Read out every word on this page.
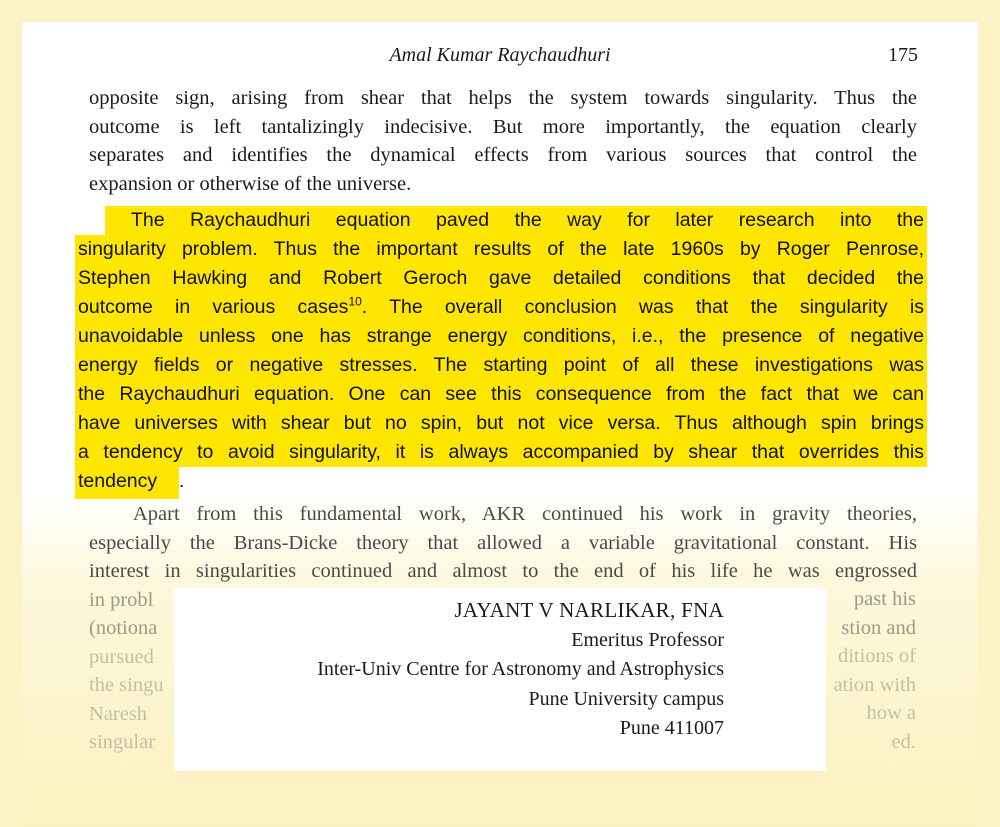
Amal Kumar Raychaudhuri	175
opposite sign, arising from shear that helps the system towards singularity. Thus the
outcome is left tantalizingly indecisive. But more importantly, the equation clearly
separates and identifies the dynamical effects from various sources that control the
expansion or otherwise of the universe.
The Raychaudhuri equation paved the way for later research into the
singularity problem. Thus the important results of the late 1960s by Roger Penrose,
Stephen Hawking and Robert Geroch gave detailed conditions that decided the
outcome in various cases$^{10}$. The overall conclusion was that the singularity is
unavoidable unless one has strange energy conditions, i.e., the presence of negative
energy fields or negative stresses. The starting point of all these investigations was
the Raychaudhuri equation. One can see this consequence from the fact that we can
have universes with shear but no spin, but not vice versa. Thus although spin brings
a tendency to avoid singularity, it is always accompanied by shear that overrides this
tendency	.
Apart from this fundamental work, AKR continued his work in gravity theories,
especially the Brans-Dicke theory that allowed a variable gravitational constant. His
interest in singularities continued and almost to the end of his life he was engrossed
in probl
(notiona
pursued
the singu
Naresh
singular
past his
stion and
ditions of
ation with
how a
ed.
JAYANT V NARLIKAR, FNA
Emeritus Professor
Inter-Univ Centre for Astronomy and Astrophysics
Pune University campus
Pune 411007
